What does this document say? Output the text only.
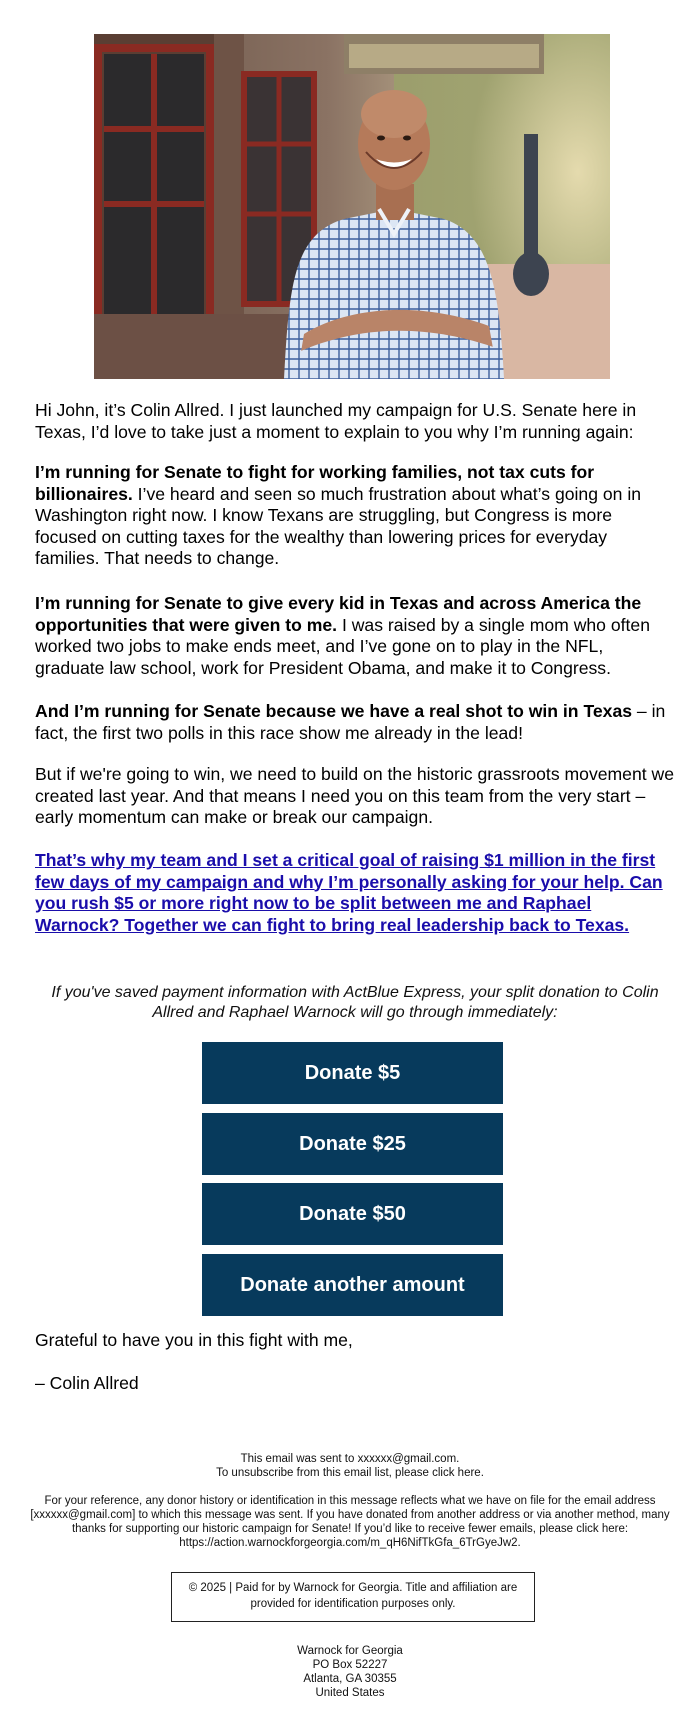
Hi John, it’s Colin Allred. I just launched my campaign for U.S. Senate here in Texas, I’d love to take just a moment to explain to you why I’m running again:

I’m running for Senate to fight for working families, not tax cuts for billionaires. I’ve heard and seen so much frustration about what’s going on in Washington right now. I know Texans are struggling, but Congress is more focused on cutting taxes for the wealthy than lowering prices for everyday families. That needs to change.

I’m running for Senate to give every kid in Texas and across America the opportunities that were given to me. I was raised by a single mom who often worked two jobs to make ends meet, and I’ve gone on to play in the NFL, graduate law school, work for President Obama, and make it to Congress.

And I’m running for Senate because we have a real shot to win in Texas – in fact, the first two polls in this race show me already in the lead!

But if we're going to win, we need to build on the historic grassroots movement we created last year. And that means I need you on this team from the very start – early momentum can make or break our campaign.

That’s why my team and I set a critical goal of raising $1 million in the first few days of my campaign and why I’m personally asking for your help. Can you rush $5 or more right now to be split between me and Raphael Warnock? Together we can fight to bring real leadership back to Texas.

If you've saved payment information with ActBlue Express, your split donation to Colin Allred and Raphael Warnock will go through immediately:
Donate $5
Donate $25
Donate $50
Donate another amount
Grateful to have you in this fight with me,
– Colin Allred
This email was sent to xxxxxx@gmail.com.
To unsubscribe from this email list, please click here.
For your reference, any donor history or identification in this message reflects what we have on file for the email address [xxxxxx@gmail.com] to which this message was sent. If you have donated from another address or via another method, many thanks for supporting our historic campaign for Senate! If you’d like to receive fewer emails, please click here: https://action.warnockforgeorgia.com/m_qH6NifTkGfa_6TrGyeJw2.
© 2025 | Paid for by Warnock for Georgia. Title and affiliation are provided for identification purposes only.
Warnock for Georgia
PO Box 52227
Atlanta, GA 30355
United States
